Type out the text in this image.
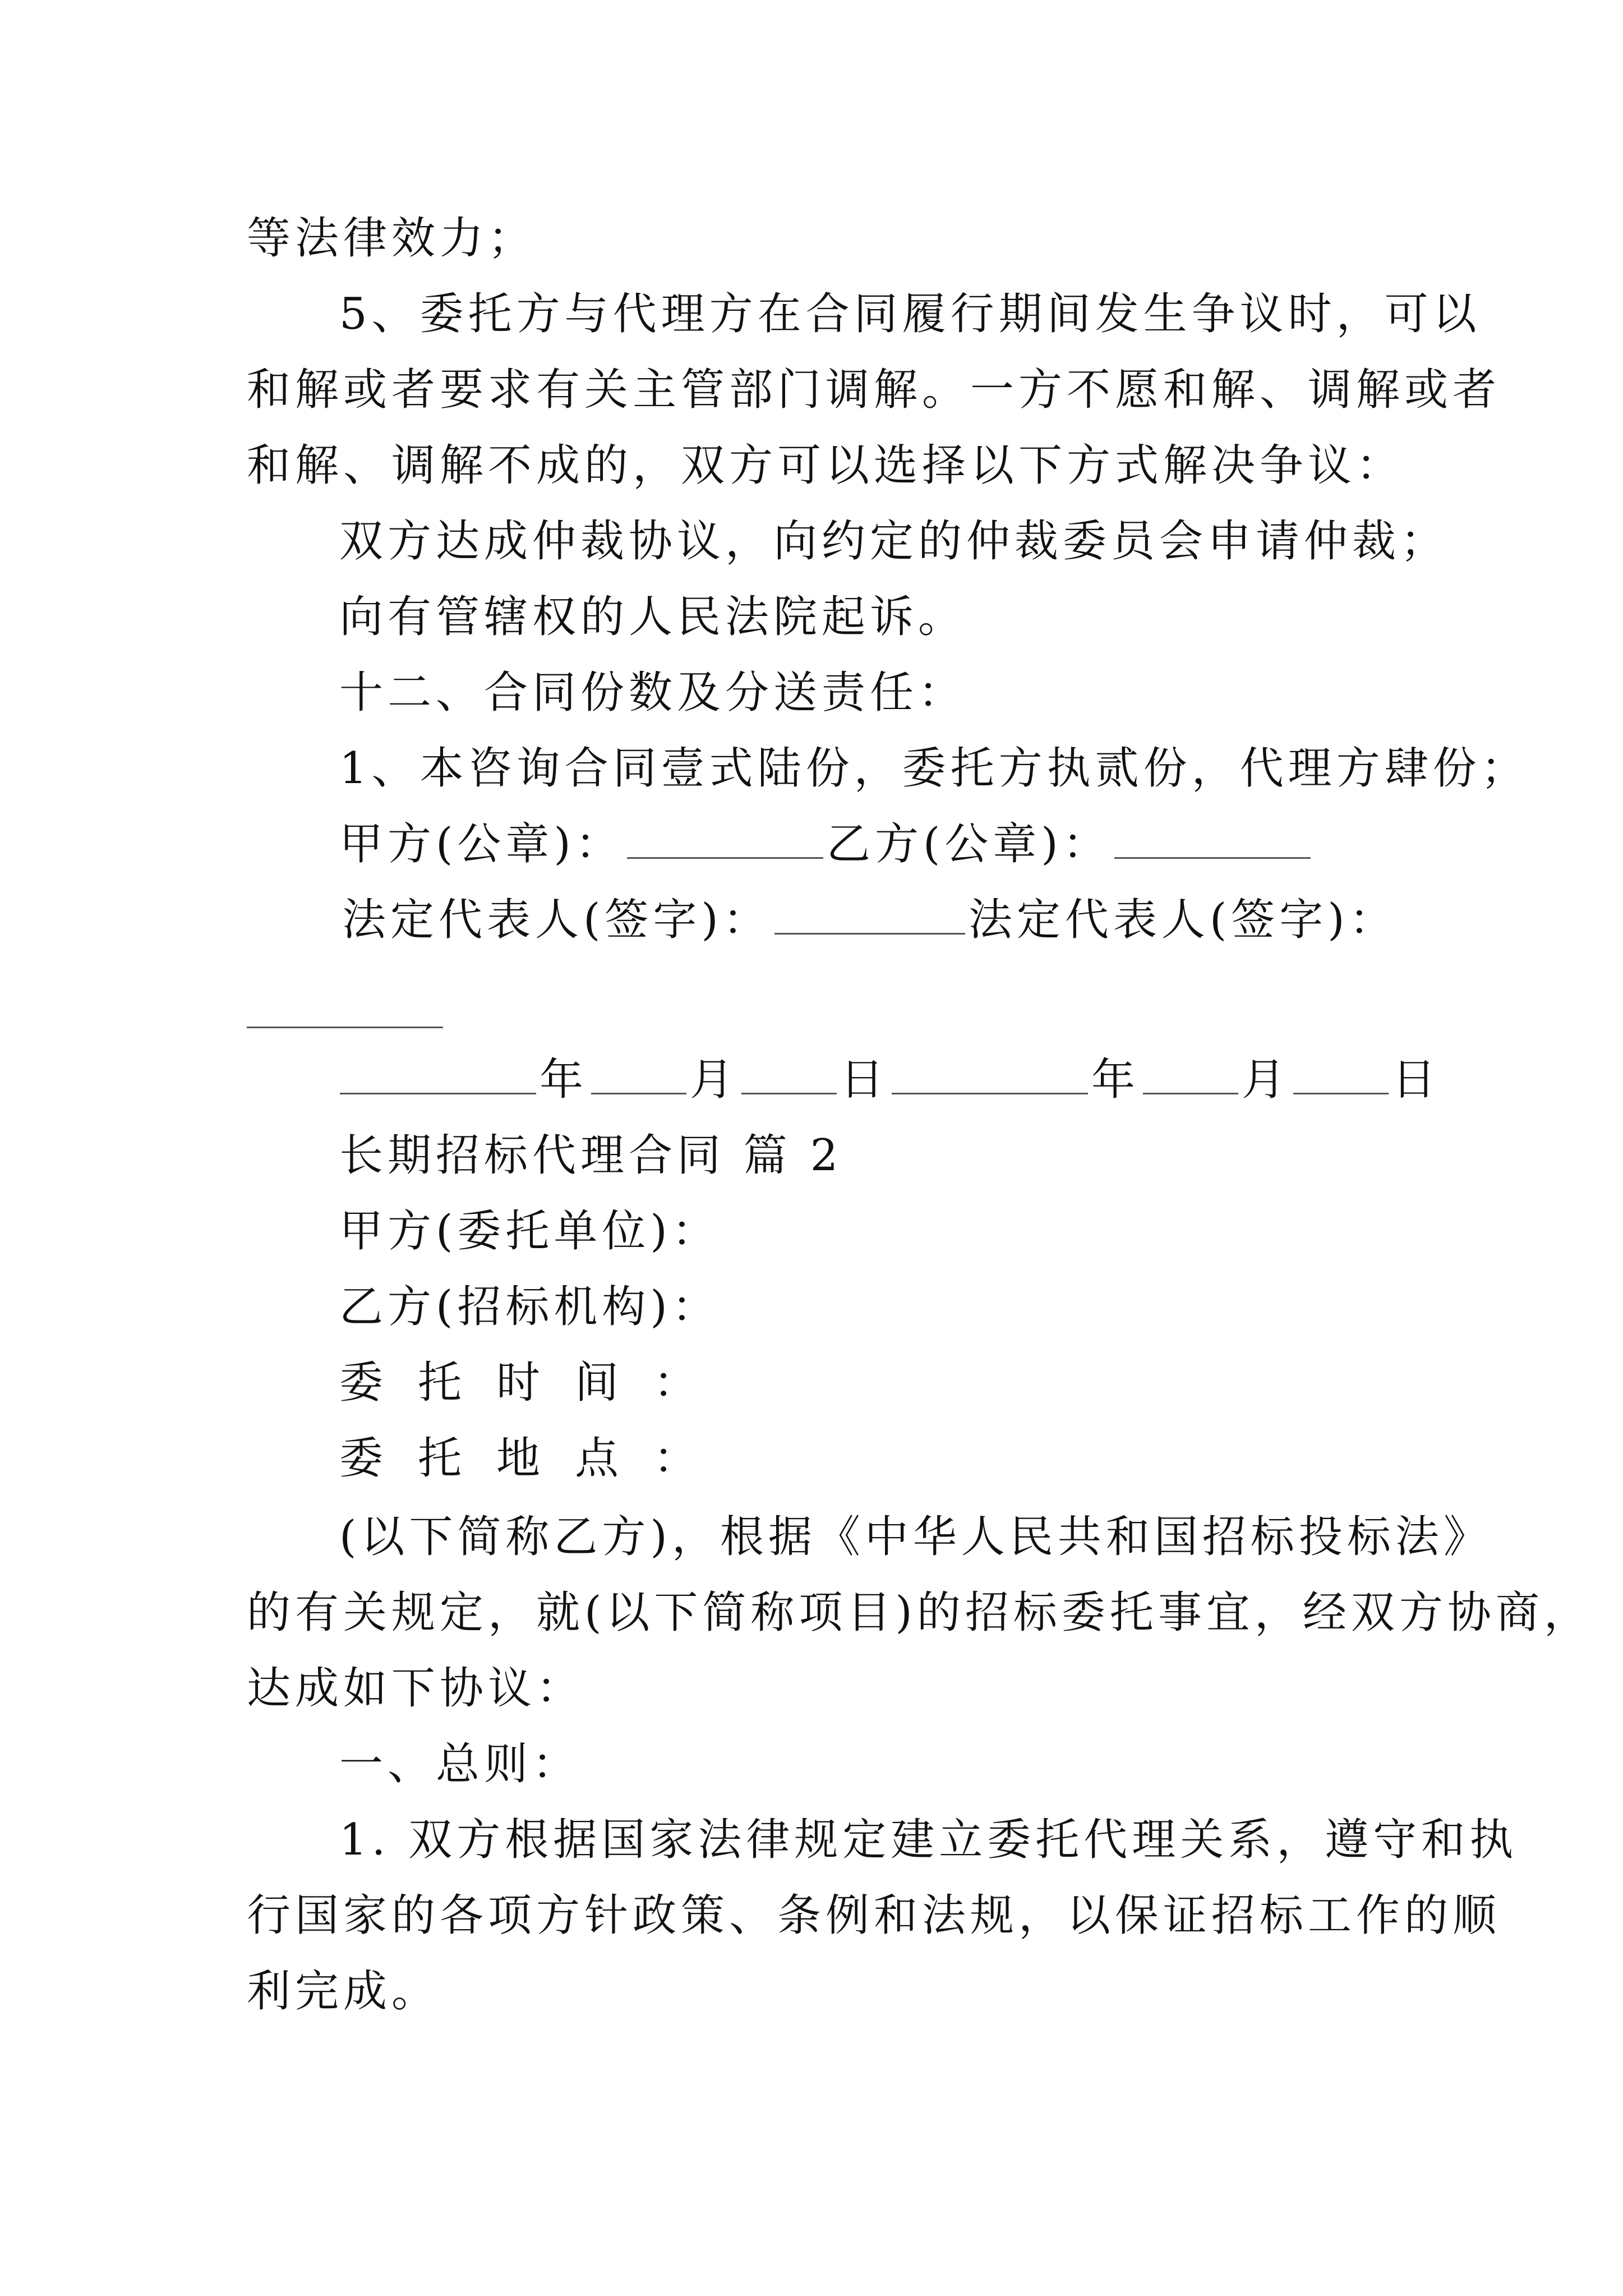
等法律效力；
5、委托方与代理方在合同履行期间发生争议时，可以
和解或者要求有关主管部门调解。一方不愿和解、调解或者
和解、调解不成的，双方可以选择以下方式解决争议：
双方达成仲裁协议，向约定的仲裁委员会申请仲裁；
向有管辖权的人民法院起诉。
十二、合同份数及分送责任：
1、本咨询合同壹式陆份，委托方执贰份，代理方肆份；
甲方(公章)：	乙方(公章)：
法定代表人(签字)：	法定代表人(签字)：
年 月 日	年 月 日
长期招标代理合同 篇 2
甲方(委托单位)：
乙方(招标机构)：
委托时间：
委托地点：
(以下简称乙方)，根据《中华人民共和国招标投标法》
的有关规定，就(以下简称项目)的招标委托事宜，经双方协商，
达成如下协议：
一、总则：
1. 双方根据国家法律规定建立委托代理关系，遵守和执
行国家的各项方针政策、条例和法规，以保证招标工作的顺
利完成。
